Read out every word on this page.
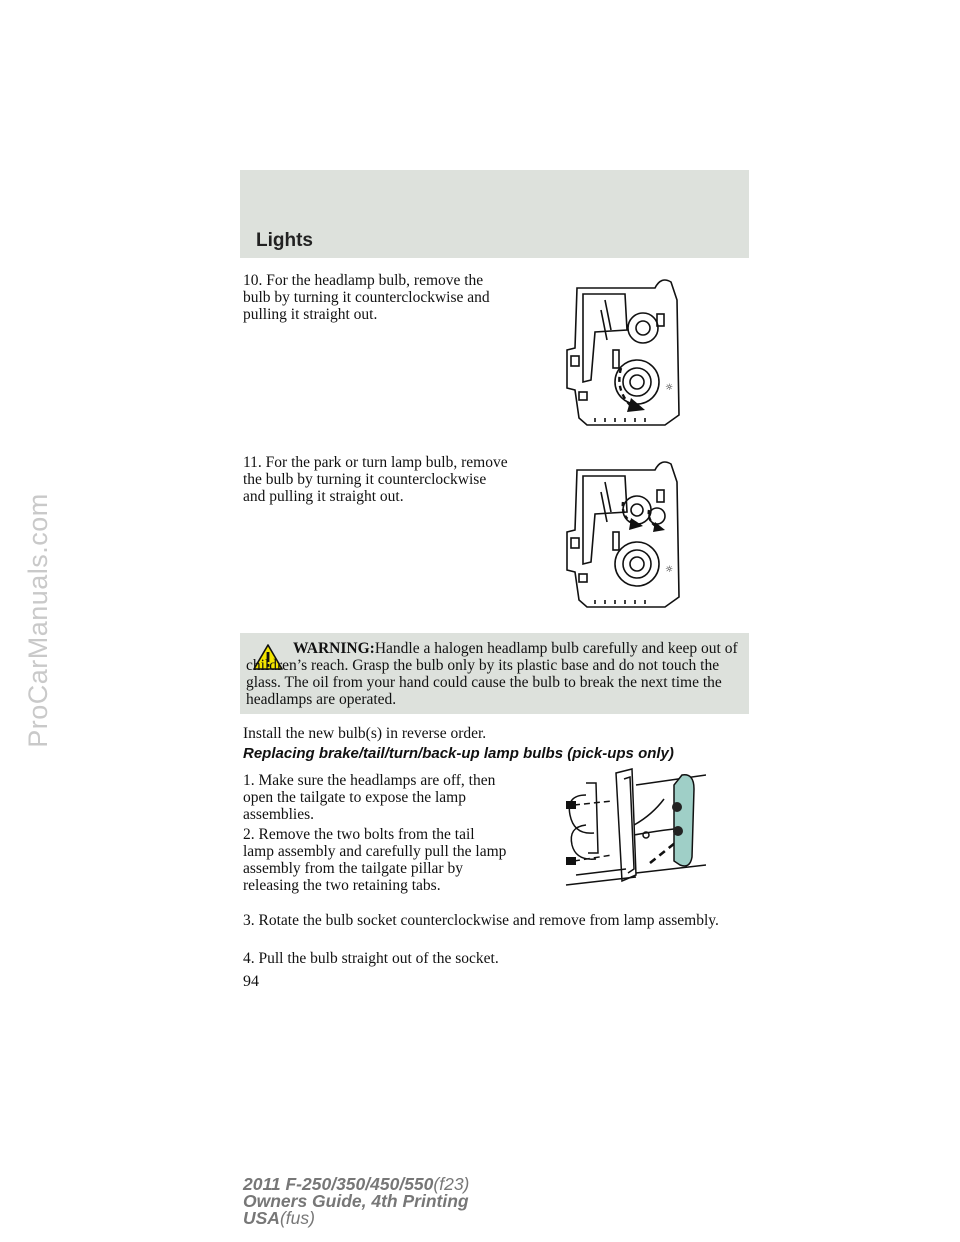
ProCarManuals.com
Lights
10. For the headlamp bulb, remove the bulb by turning it counterclockwise and pulling it straight out.
☼
11. For the park or turn lamp bulb, remove the bulb by turning it counterclockwise and pulling it straight out.
☼

WARNING:Handle a halogen headlamp bulb carefully and keep out of children’s reach. Grasp the bulb only by its plastic base and do not touch the glass. The oil from your hand could cause the bulb to break the next time the headlamps are operated.

Install the new bulb(s) in reverse order.
Replacing brake/tail/turn/back-up lamp bulbs (pick-ups only)
1. Make sure the headlamps are off, then open the tailgate to expose the lamp assemblies.
2. Remove the two bolts from the tail lamp assembly and carefully pull the lamp assembly from the tailgate pillar by releasing the two retaining tabs.
3. Rotate the bulb socket counterclockwise and remove from lamp assembly.
4. Pull the bulb straight out of the socket.
94
2011 F-250/350/450/550(f23)
Owners Guide, 4th Printing
USA(fus)
